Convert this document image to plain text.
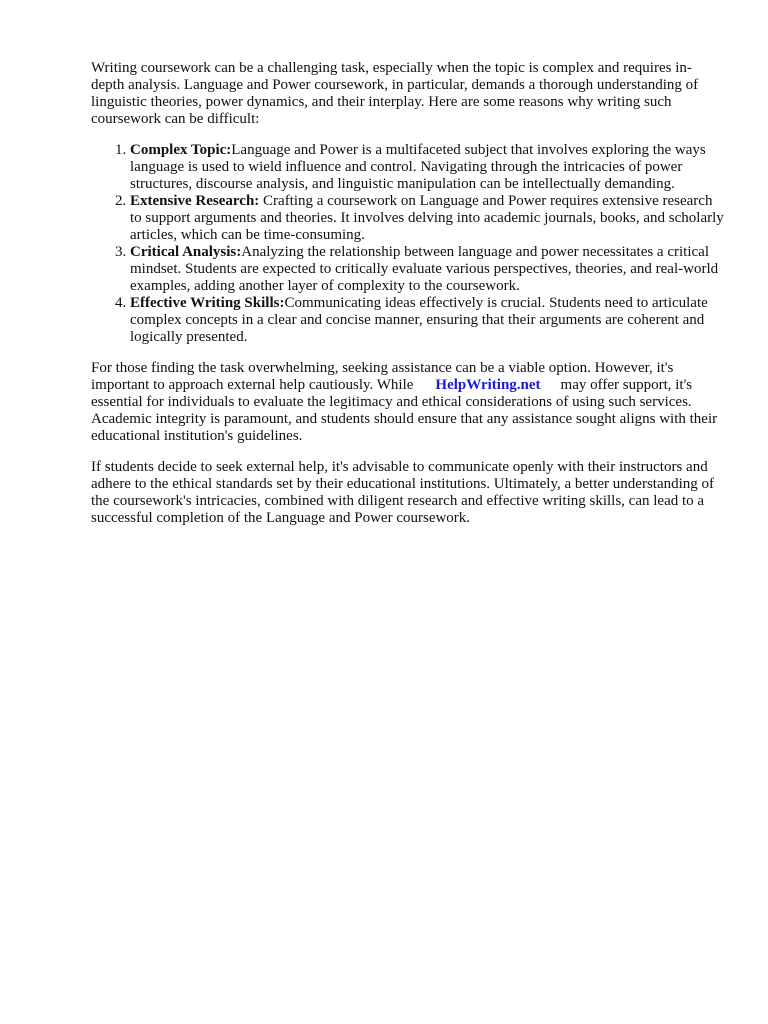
Writing coursework can be a challenging task, especially when the topic is complex and requires in-depth analysis. Language and Power coursework, in particular, demands a thorough understanding of linguistic theories, power dynamics, and their interplay. Here are some reasons why writing such coursework can be difficult:

1. Complex Topic:Language and Power is a multifaceted subject that involves exploring the ways language is used to wield influence and control. Navigating through the intricacies of power structures, discourse analysis, and linguistic manipulation can be intellectually demanding.
2. Extensive Research: Crafting a coursework on Language and Power requires extensive research to support arguments and theories. It involves delving into academic journals, books, and scholarly articles, which can be time-consuming.
3. Critical Analysis:Analyzing the relationship between language and power necessitates a critical mindset. Students are expected to critically evaluate various perspectives, theories, and real-world examples, adding another layer of complexity to the coursework.
4. Effective Writing Skills:Communicating ideas effectively is crucial. Students need to articulate complex concepts in a clear and concise manner, ensuring that their arguments are coherent and logically presented.

For those finding the task overwhelming, seeking assistance can be a viable option. However, it's important to approach external help cautiously. While HelpWriting.net may offer support, it's essential for individuals to evaluate the legitimacy and ethical considerations of using such services. Academic integrity is paramount, and students should ensure that any assistance sought aligns with their educational institution's guidelines.

If students decide to seek external help, it's advisable to communicate openly with their instructors and adhere to the ethical standards set by their educational institutions. Ultimately, a better understanding of the coursework's intricacies, combined with diligent research and effective writing skills, can lead to a successful completion of the Language and Power coursework.
